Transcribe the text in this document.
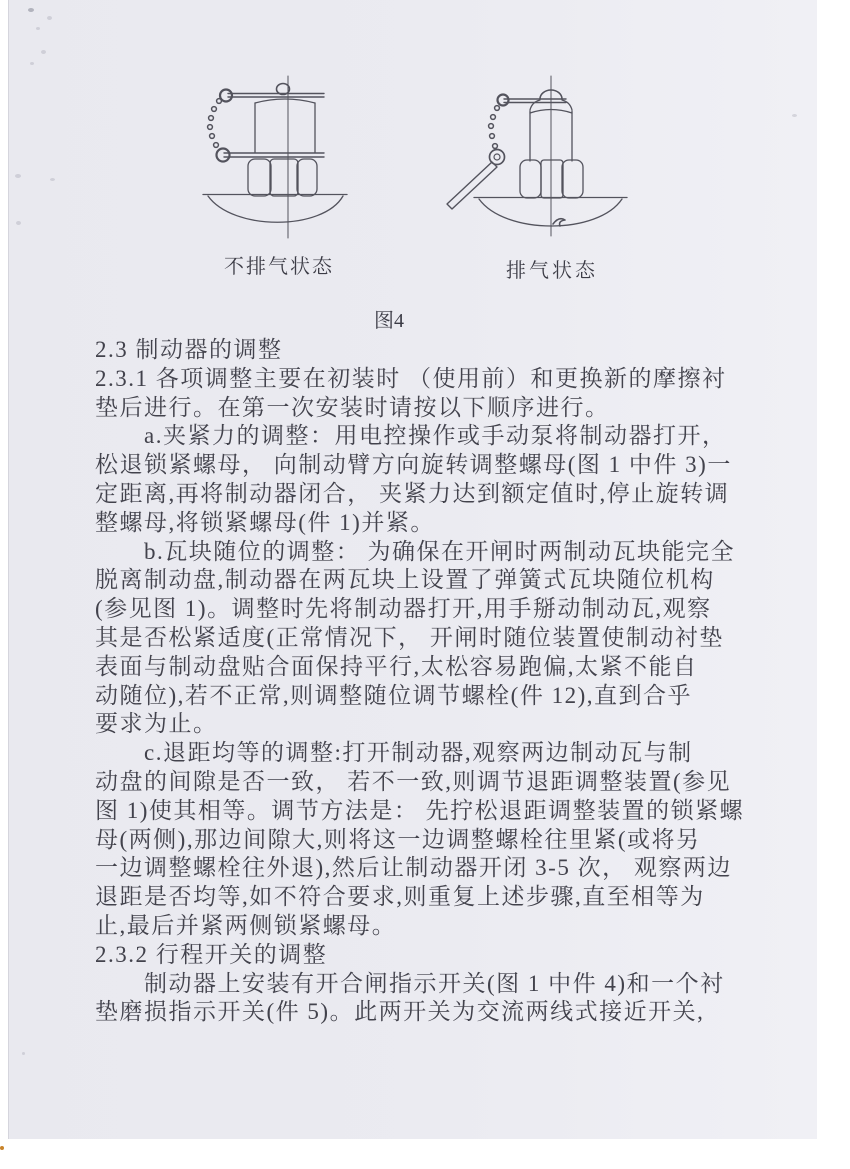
不排气状态	排气状态
图4
2.3 制动器的调整
2.3.1 各项调整主要在初装时 （使用前）和更换新的摩擦衬
垫后进行。在第一次安装时请按以下顺序进行。
　　a.夹紧力的调整：用电控操作或手动泵将制动器打开，
松退锁紧螺母， 向制动臂方向旋转调整螺母(图 1 中件 3)一
定距离,再将制动器闭合， 夹紧力达到额定值时,停止旋转调
整螺母,将锁紧螺母(件 1)并紧。
　　b.瓦块随位的调整： 为确保在开闸时两制动瓦块能完全
脱离制动盘,制动器在两瓦块上设置了弹簧式瓦块随位机构
(参见图 1)。调整时先将制动器打开,用手掰动制动瓦,观察
其是否松紧适度(正常情况下， 开闸时随位装置使制动衬垫
表面与制动盘贴合面保持平行,太松容易跑偏,太紧不能自
动随位),若不正常,则调整随位调节螺栓(件 12),直到合乎
要求为止。
　　c.退距均等的调整:打开制动器,观察两边制动瓦与制
动盘的间隙是否一致， 若不一致,则调节退距调整装置(参见
图 1)使其相等。调节方法是： 先拧松退距调整装置的锁紧螺
母(两侧),那边间隙大,则将这一边调整螺栓往里紧(或将另
一边调整螺栓往外退),然后让制动器开闭 3-5 次， 观察两边
退距是否均等,如不符合要求,则重复上述步骤,直至相等为
止,最后并紧两侧锁紧螺母。
2.3.2 行程开关的调整
　　制动器上安装有开合闸指示开关(图 1 中件 4)和一个衬
垫磨损指示开关(件 5)。此两开关为交流两线式接近开关,
